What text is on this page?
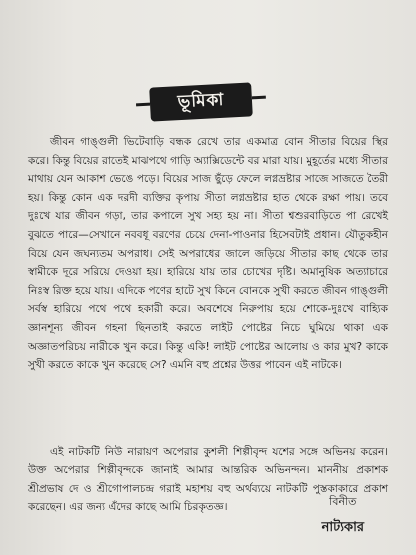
ভূমিকা

জীবন গাঙ্গুলী ভিটেবাড়ি বন্ধক রেখে তার একমাত্র বোন সীতার বিয়ের স্থির করে। কিন্তু বিয়ের রাতেই মাঝপথে গাড়ি অ্যাক্সিডেন্টে বর মারা যায়। মুহূর্তের মধ্যে সীতার মাথায় যেন আকাশ ভেঙে পড়ে। বিয়ের সাজ ছুঁড়ে ফেলে লগ্নভ্রষ্টার সাজে সাজতে তৈরী হয়। কিন্তু কোন এক দরদী ব্যক্তির কৃপায় সীতা লগ্নভ্রষ্টার হাত থেকে রক্ষা পায়। তবে দুঃখে যার জীবন গড়া, তার কপালে সুখ সহ্য হয় না। সীতা শ্বশুরবাড়িতে পা রেখেই বুঝতে পারে—সেখানে নববধূ বরণের চেয়ে দেনা-পাওনার হিসেবটাই প্রধান। যৌতুকহীন বিয়ে যেন জঘন্যতম অপরাধ। সেই অপরাধের জালে জড়িয়ে সীতার কাছ থেকে তার স্বামীকে দূরে সরিয়ে দেওয়া হয়। হারিয়ে যায় তার চোখের দৃষ্টি। অমানুষিক অত্যাচারে নিঃস্ব রিক্ত হয়ে যায়। এদিকে পণের হাটে সুখ কিনে বোনকে সুখী করতে জীবন গাঙ্গুলী সর্বস্ব হারিয়ে পথে পথে হকারী করে। অবশেষে নিরুপায় হয়ে শোকে-দুঃখে বাহ্যিক জ্ঞানশূন্য জীবন গহনা ছিনতাই করতে লাইট পোষ্টের নিচে ঘুমিয়ে থাকা এক অজ্ঞাতপরিচয় নারীকে খুন করে। কিন্তু একি! লাইট পোষ্টের আলোয় ও কার মুখ? কাকে সুখী করতে কাকে খুন করেছে সে? এমনি বহু প্রশ্নের উত্তর পাবেন এই নাটকে।

এই নাটকটি নিউ নারায়ণ অপেরার কুশলী শিল্পীবৃন্দ যশের সঙ্গে অভিনয় করেন। উক্ত অপেরার শিল্পীবৃন্দকে জানাই আমার আন্তরিক অভিনন্দন। মাননীয় প্রকাশক শ্রীপ্রভাষ দে ও শ্রীগোপালচন্দ্র গরাই মহাশয় বহু অর্থব্যয়ে নাটকটি পুস্তকাকারে প্রকাশ করেছেন। এর জন্য এঁদের কাছে আমি চিরকৃতজ্ঞ।	বিনীত
নাট্যকার
